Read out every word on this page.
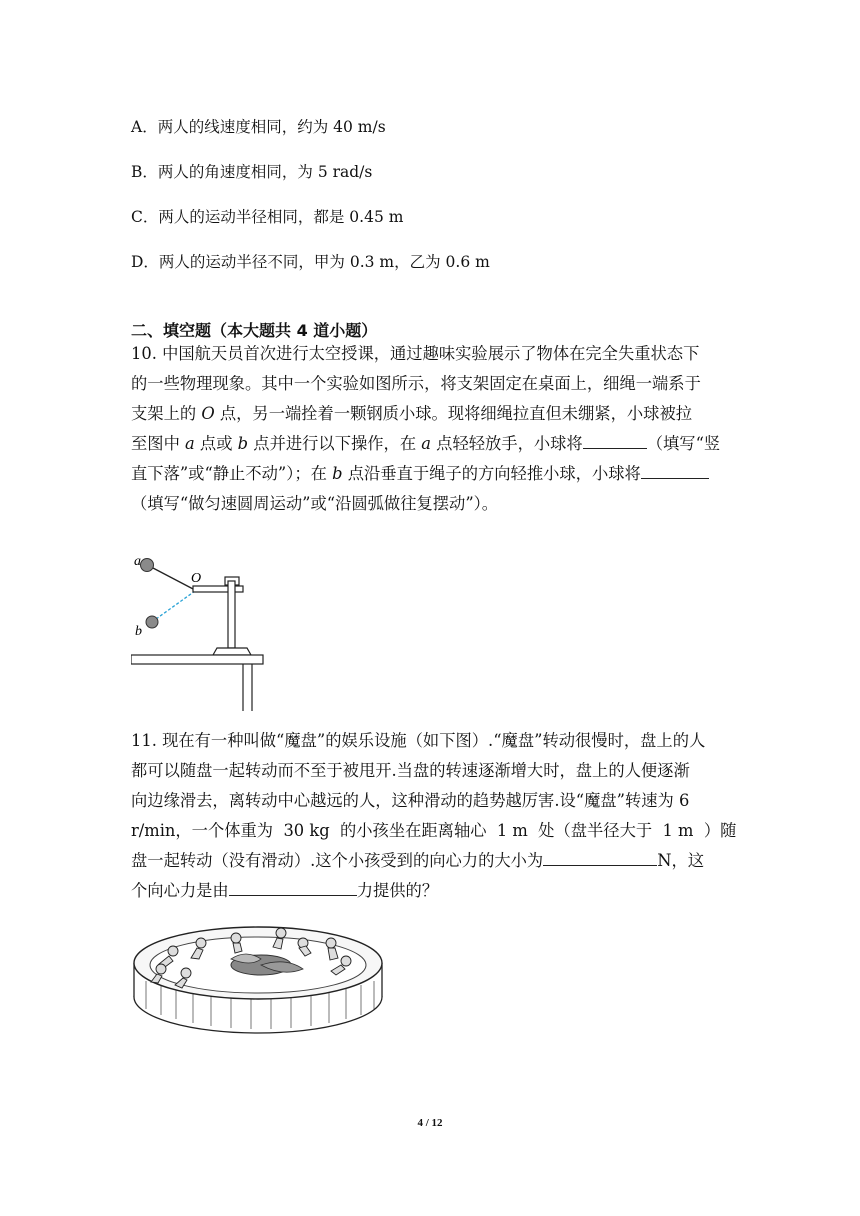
A．两人的线速度相同，约为 40 m/s
B．两人的角速度相同，为 5 rad/s
C．两人的运动半径相同，都是 0.45 m
D．两人的运动半径不同，甲为 0.3 m，乙为 0.6 m
二、填空题（本大题共 4 道小题）
10. 中国航天员首次进行太空授课，通过趣味实验展示了物体在完全失重状态下
的一些物理现象。其中一个实验如图所示，将支架固定在桌面上，细绳一端系于
支架上的 O 点，另一端拴着一颗钢质小球。现将细绳拉直但未绷紧，小球被拉
至图中 a 点或 b 点并进行以下操作，在 a 点轻轻放手，小球将	（填写“竖
直下落”或“静止不动”）；在 b 点沿垂直于绳子的方向轻推小球，小球将
（填写“做匀速圆周运动”或“沿圆弧做往复摆动”）。
a
O
b
11. 现在有一种叫做“魔盘”的娱乐设施（如下图）.“魔盘”转动很慢时，盘上的人
都可以随盘一起转动而不至于被甩开.当盘的转速逐渐增大时，盘上的人便逐渐
向边缘滑去，离转动中心越远的人，这种滑动的趋势越厉害.设“魔盘”转速为 6
r/min，一个体重为  30 kg  的小孩坐在距离轴心  1 m  处（盘半径大于  1 m  ）随
盘一起转动（没有滑动）.这个小孩受到的向心力的大小为	N，这
个向心力是由	力提供的？
4 / 12
